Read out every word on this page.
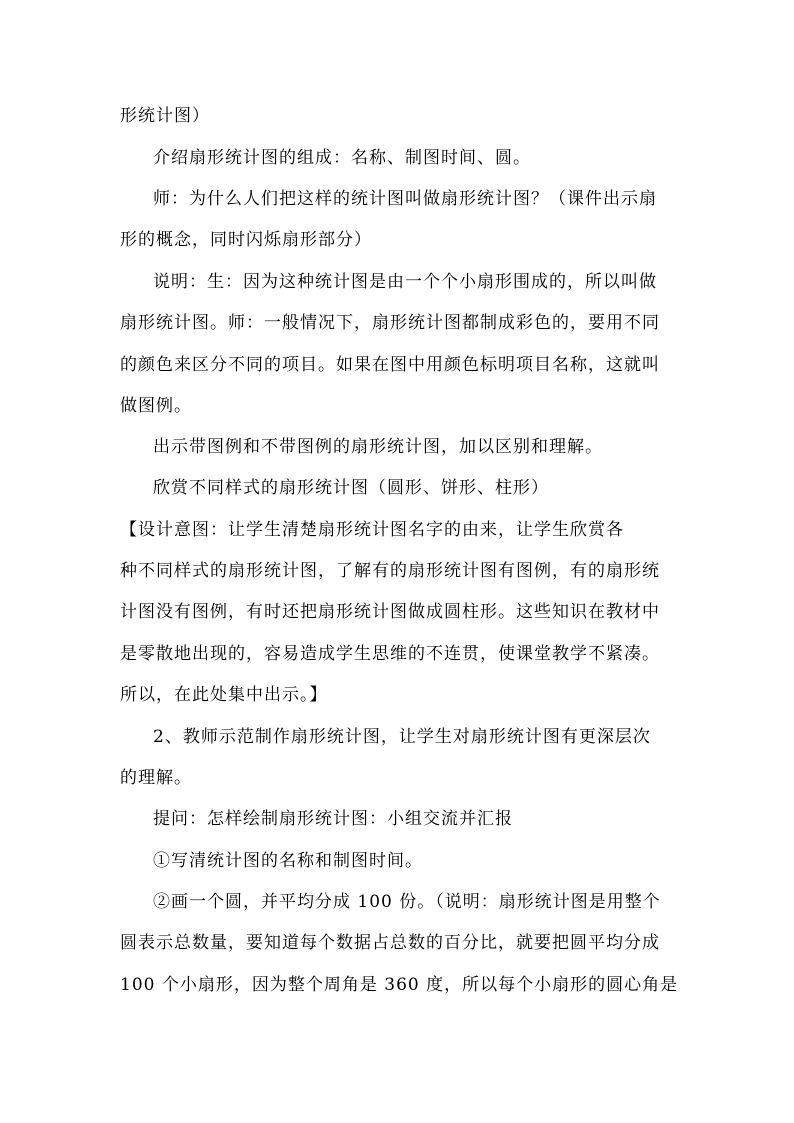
形统计图）
介绍扇形统计图的组成：名称、制图时间、圆。
师：为什么人们把这样的统计图叫做扇形统计图？（课件出示扇
形的概念，同时闪烁扇形部分）
说明：生：因为这种统计图是由一个个小扇形围成的，所以叫做
扇形统计图。师：一般情况下，扇形统计图都制成彩色的，要用不同
的颜色来区分不同的项目。如果在图中用颜色标明项目名称，这就叫
做图例。
出示带图例和不带图例的扇形统计图，加以区别和理解。
欣赏不同样式的扇形统计图（圆形、饼形、柱形）
【设计意图：让学生清楚扇形统计图名字的由来，让学生欣赏各
种不同样式的扇形统计图，了解有的扇形统计图有图例，有的扇形统
计图没有图例，有时还把扇形统计图做成圆柱形。这些知识在教材中
是零散地出现的，容易造成学生思维的不连贯，使课堂教学不紧凑。
所以，在此处集中出示。】
2、教师示范制作扇形统计图，让学生对扇形统计图有更深层次
的理解。
提问：怎样绘制扇形统计图：小组交流并汇报
①写清统计图的名称和制图时间。
②画一个圆，并平均分成 100 份。（说明：扇形统计图是用整个
圆表示总数量，要知道每个数据占总数的百分比，就要把圆平均分成
100 个小扇形，因为整个周角是 360 度，所以每个小扇形的圆心角是
